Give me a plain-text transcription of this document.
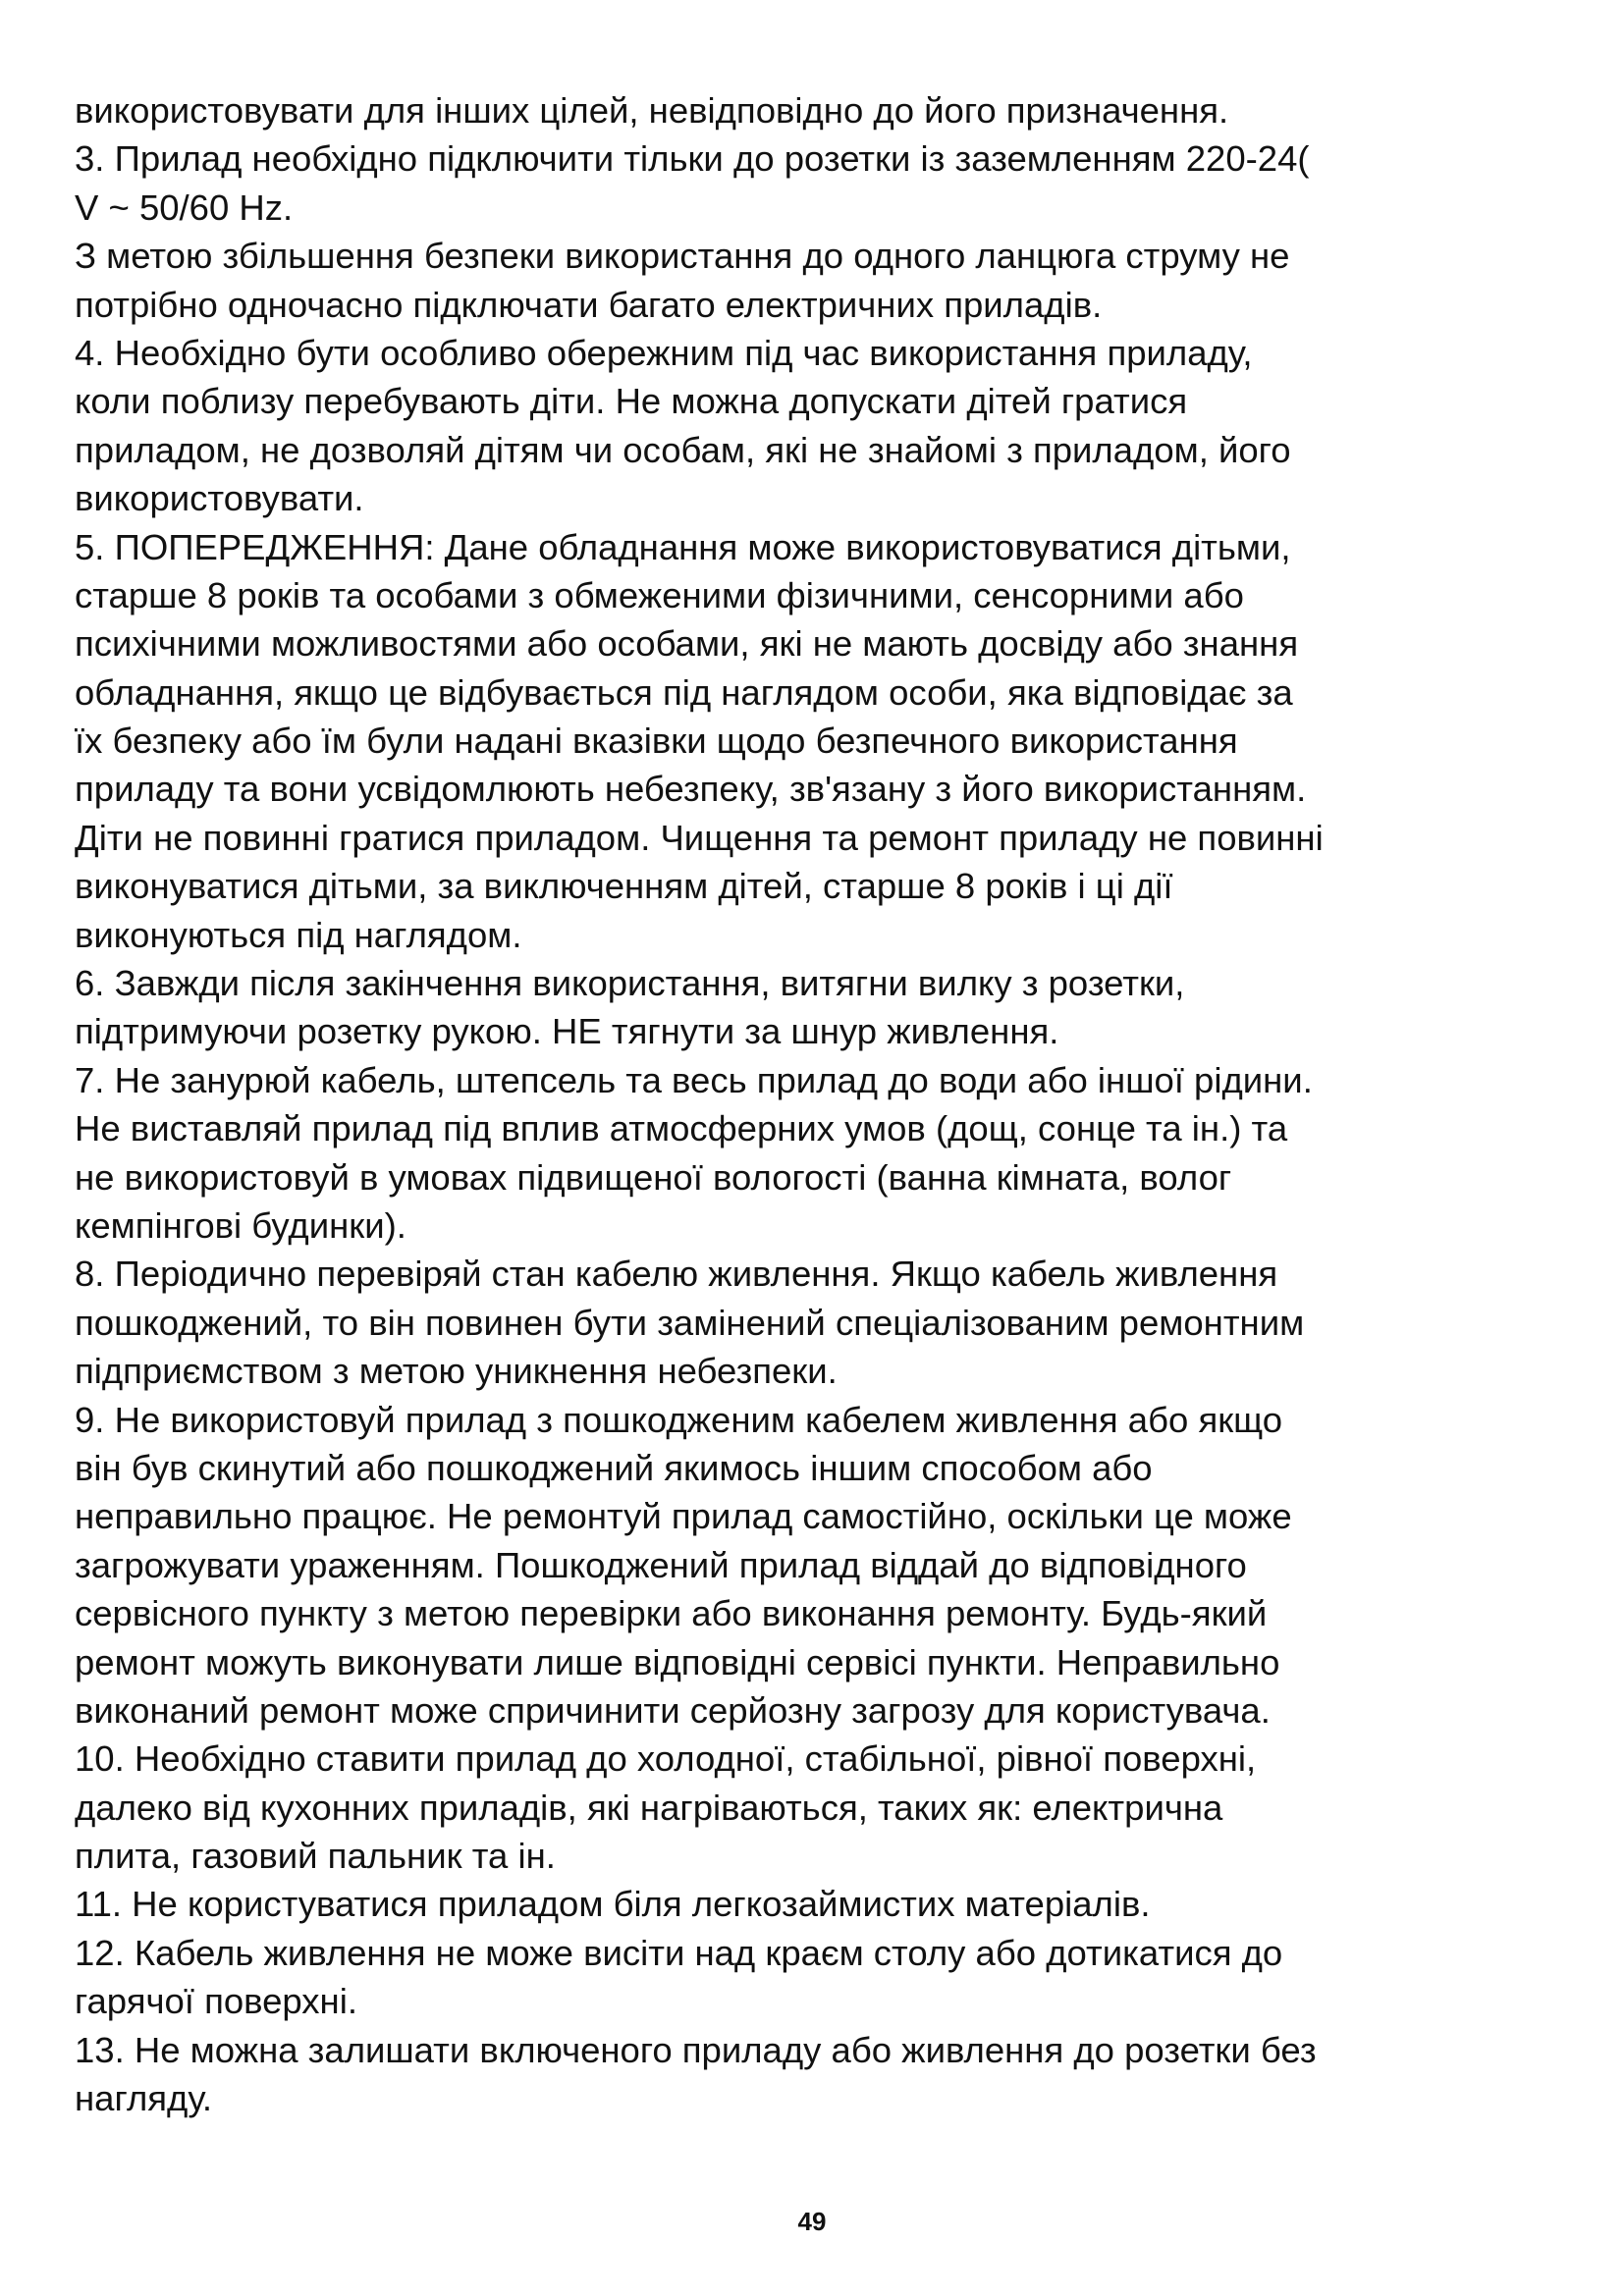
використовувати для інших цілей, невідповідно до його призначення.
3. Прилад необхідно підключити тільки до розетки із заземленням 220-24(
V ~ 50/60 Hz.
З метою збільшення безпеки використання до одного ланцюга струму не
потрібно одночасно підключати багато електричних приладів.
4. Необхідно бути особливо обережним під час використання приладу,
коли поблизу перебувають діти. Не можна допускати дітей гратися
приладом, не дозволяй дітям чи особам, які не знайомі з приладом, його
використовувати.
5. ПОПЕРЕДЖЕННЯ: Дане обладнання може використовуватися дітьми,
старше 8 років та особами з обмеженими фізичними, сенсорними або
психічними можливостями або особами, які не мають досвіду або знання
обладнання, якщо це відбувається під наглядом особи, яка відповідає за
їх безпеку або їм були надані вказівки щодо безпечного використання
приладу та вони усвідомлюють небезпеку, зв'язану з його використанням.
Діти не повинні гратися приладом. Чищення та ремонт приладу не повинні
виконуватися дітьми, за виключенням дітей, старше 8 років і ці дії
виконуються під наглядом.
6. Завжди після закінчення використання, витягни вилку з розетки,
підтримуючи розетку рукою. НЕ тягнути за шнур живлення.
7. Не занурюй кабель, штепсель та весь прилад до води або іншої рідини.
Не виставляй прилад під вплив атмосферних умов (дощ, сонце та ін.) та
не використовуй в умовах підвищеної вологості (ванна кімната, волог
кемпінгові будинки).
8. Періодично перевіряй стан кабелю живлення. Якщо кабель живлення
пошкоджений, то він повинен бути замінений спеціалізованим ремонтним
підприємством з метою уникнення небезпеки.
9. Не використовуй прилад з пошкодженим кабелем живлення або якщо
він був скинутий або пошкоджений якимось іншим способом або
неправильно працює. Не ремонтуй прилад самостійно, оскільки це може
загрожувати ураженням. Пошкоджений прилад віддай до відповідного
сервісного пункту з метою перевірки або виконання ремонту. Будь-який
ремонт можуть виконувати лише відповідні сервісі пункти. Неправильно
виконаний ремонт може спричинити серйозну загрозу для користувача.
10. Необхідно ставити прилад до холодної, стабільної, рівної поверхні,
далеко від кухонних приладів, які нагріваються, таких як: електрична
плита, газовий пальник та ін.
11. Не користуватися приладом біля легкозаймистих матеріалів.
12. Кабель живлення не може висіти над краєм столу або дотикатися до
гарячої поверхні.
13. Не можна залишати включеного приладу або живлення до розетки без
нагляду.
49
